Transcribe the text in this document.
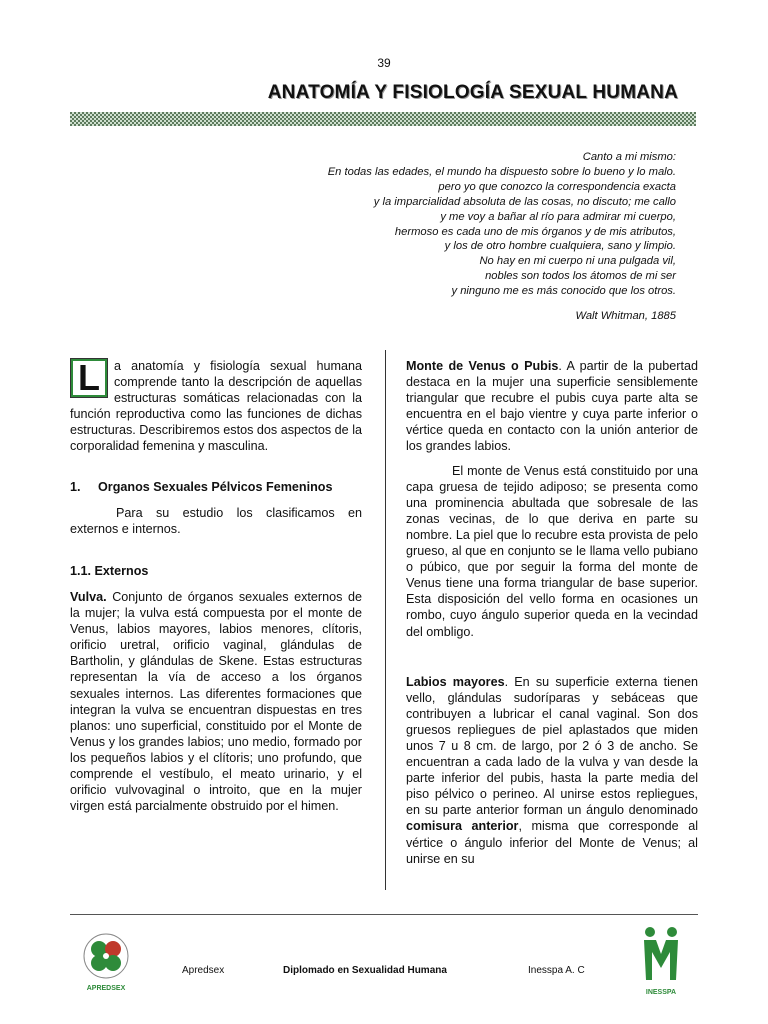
39
ANATOMÍA Y FISIOLOGÍA SEXUAL HUMANA
Canto a mi mismo:
En todas las edades, el mundo ha dispuesto sobre lo bueno y lo malo.
pero yo que conozco la correspondencia exacta
y la imparcialidad absoluta de las cosas, no discuto; me callo
y me voy a bañar al río para admirar mi cuerpo,
hermoso es cada uno de mis órganos y de mis atributos,
y los de otro hombre cualquiera, sano y limpio.
No hay en mi cuerpo ni una pulgada vil,
nobles son todos los átomos de mi ser
y ninguno me es más conocido que los otros.
Walt Whitman, 1885

L	a anatomía y fisiología sexual humana comprende tanto la descripción de aquellas estructuras somáticas relacionadas con la función reproductiva como las funciones de dichas estructuras. Describiremos estos dos aspectos de la corporalidad femenina y masculina.

1. Organos Sexuales Pélvicos Femeninos

Para su estudio los clasificamos en externos e internos.

1.1. Externos

Vulva. Conjunto de órganos sexuales externos de la mujer; la vulva está compuesta por el monte de Venus, labios mayores, labios menores, clítoris, orificio uretral, orificio vaginal, glándulas de Bartholin, y glándulas de Skene. Estas estructuras representan la vía de acceso a los órganos sexuales internos. Las diferentes formaciones que integran la vulva se encuentran dispuestas en tres planos: uno superficial, constituido por el Monte de Venus y los grandes labios; uno medio, formado por los pequeños labios y el clítoris; uno profundo, que comprende el vestíbulo, el meato urinario, y el orificio vulvovaginal o introito, que en la mujer virgen está parcialmente obstruido por el himen.

Monte de Venus o Pubis. A partir de la pubertad destaca en la mujer una superficie sensiblemente triangular que recubre el pubis cuya parte alta se encuentra en el bajo vientre y cuya parte inferior o vértice queda en contacto con la unión anterior de los grandes labios.

El monte de Venus está constituido por una capa gruesa de tejido adiposo; se presenta como una prominencia abultada que sobresale de las zonas vecinas, de lo que deriva en parte su nombre. La piel que lo recubre esta provista de pelo grueso, al que en conjunto se le llama vello pubiano o púbico, que por seguir la forma del monte de Venus tiene una forma triangular de base superior. Esta disposición del vello forma en ocasiones un rombo, cuyo ángulo superior queda en la vecindad del ombligo.

Labios mayores. En su superficie externa tienen vello, glándulas sudoríparas y sebáceas que contribuyen a lubricar el canal vaginal. Son dos gruesos repliegues de piel aplastados que miden unos 7 u 8 cm. de largo, por 2 ó 3 de ancho. Se encuentran a cada lado de la vulva y van desde la parte inferior del pubis, hasta la parte media del piso pélvico o perineo. Al unirse estos repliegues, en su parte anterior forman un ángulo denominado comisura anterior, misma que corresponde al vértice o ángulo inferior del Monte de Venus; al unirse en su

APREDSEX
Apredsex	Diplomado en Sexualidad Humana	Inesspa A. C
INESSPA
